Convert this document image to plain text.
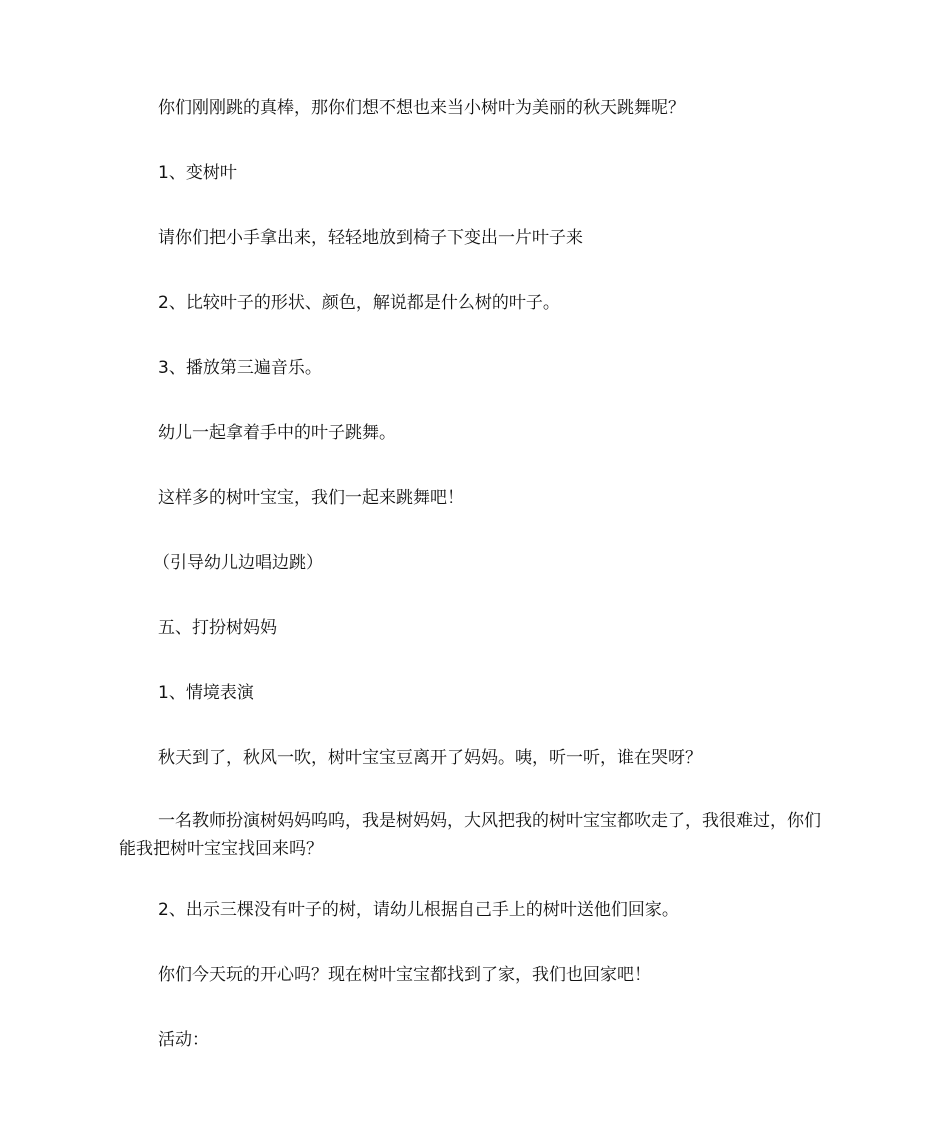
你们刚刚跳的真棒，那你们想不想也来当小树叶为美丽的秋天跳舞呢？

1、变树叶

请你们把小手拿出来，轻轻地放到椅子下变出一片叶子来

2、比较叶子的形状、颜色，解说都是什么树的叶子。

3、播放第三遍音乐。

幼儿一起拿着手中的叶子跳舞。

这样多的树叶宝宝，我们一起来跳舞吧！

（引导幼儿边唱边跳）

五、打扮树妈妈

1、情境表演

秋天到了，秋风一吹，树叶宝宝豆离开了妈妈。咦，听一听，谁在哭呀？

一名教师扮演树妈妈呜呜，我是树妈妈，大风把我的树叶宝宝都吹走了，我很难过，你们能我把树叶宝宝找回来吗？

2、出示三棵没有叶子的树，请幼儿根据自己手上的树叶送他们回家。

你们今天玩的开心吗？现在树叶宝宝都找到了家，我们也回家吧！

活动：
